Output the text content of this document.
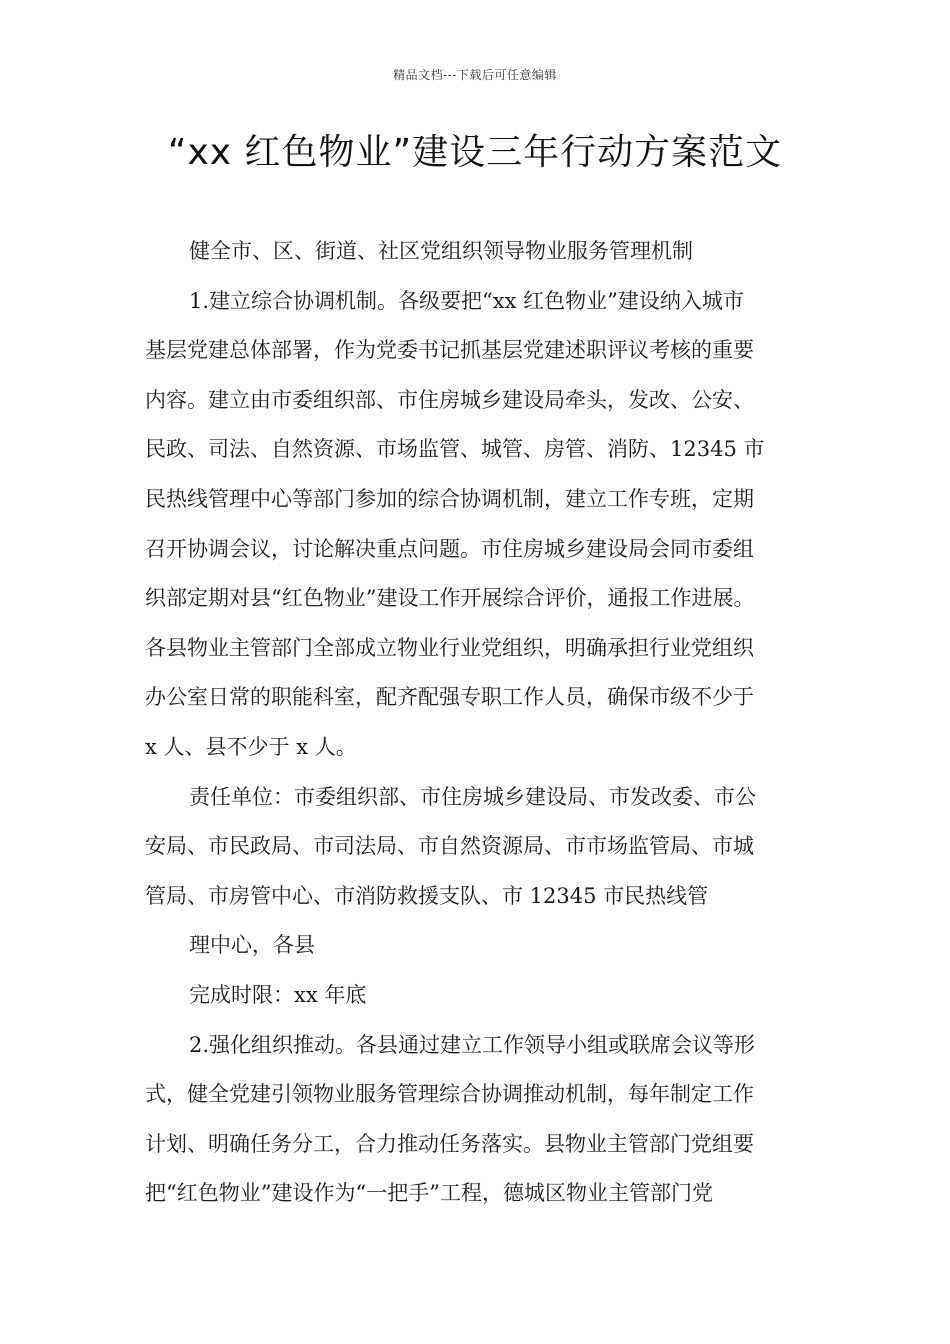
精品文档---下载后可任意编辑
“xx 红色物业”建设三年行动方案范文
健全市、区、街道、社区党组织领导物业服务管理机制
1.建立综合协调机制。各级要把“xx 红色物业”建设纳入城市
基层党建总体部署，作为党委书记抓基层党建述职评议考核的重要
内容。建立由市委组织部、市住房城乡建设局牵头，发改、公安、
民政、司法、自然资源、市场监管、城管、房管、消防、12345 市
民热线管理中心等部门参加的综合协调机制，建立工作专班，定期
召开协调会议，讨论解决重点问题。市住房城乡建设局会同市委组
织部定期对县“红色物业”建设工作开展综合评价，通报工作进展。
各县物业主管部门全部成立物业行业党组织，明确承担行业党组织
办公室日常的职能科室，配齐配强专职工作人员，确保市级不少于
x 人、县不少于 x 人。
责任单位：市委组织部、市住房城乡建设局、市发改委、市公
安局、市民政局、市司法局、市自然资源局、市市场监管局、市城
管局、市房管中心、市消防救援支队、市 12345 市民热线管
理中心，各县
完成时限：xx 年底
2.强化组织推动。各县通过建立工作领导小组或联席会议等形
式，健全党建引领物业服务管理综合协调推动机制，每年制定工作
计划、明确任务分工，合力推动任务落实。县物业主管部门党组要
把“红色物业”建设作为“一把手”工程，德城区物业主管部门党
